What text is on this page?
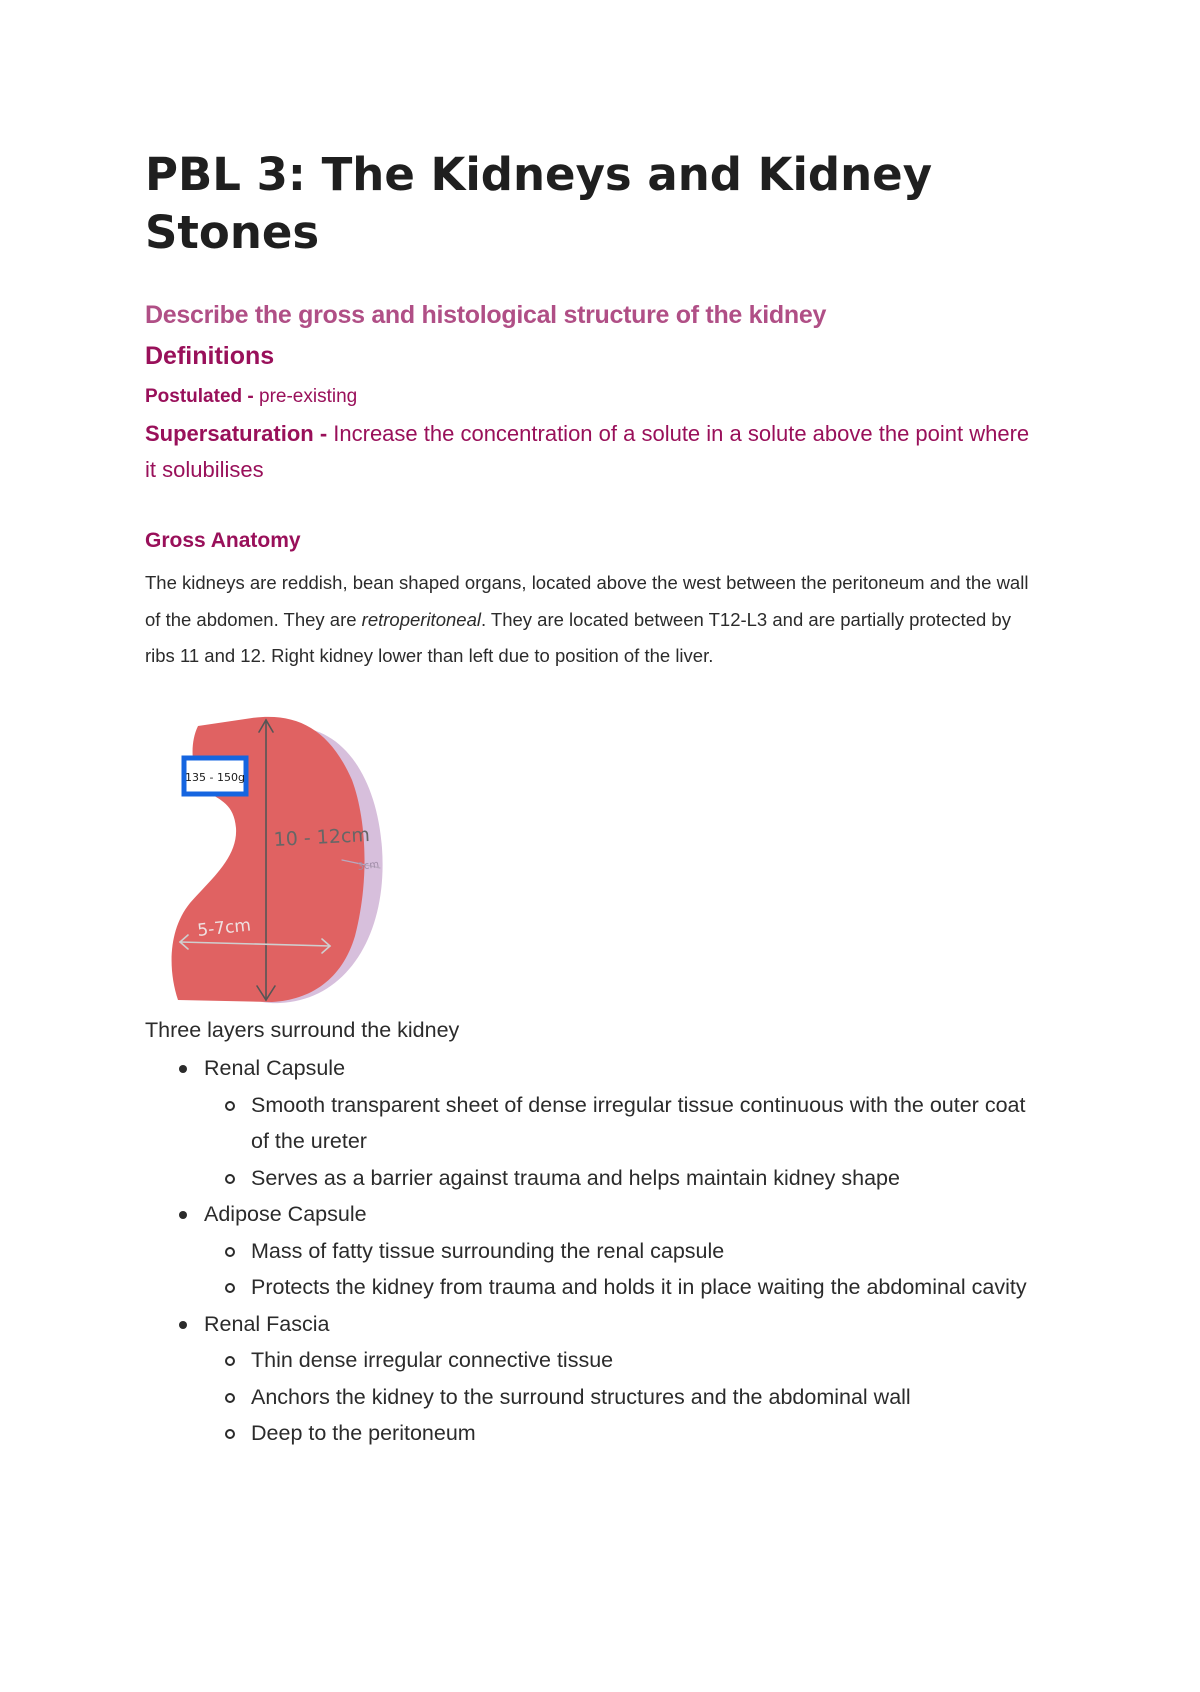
PBL 3: The Kidneys and Kidney Stones
Describe the gross and histological structure of the kidney
Definitions

Postulated - pre-existing

Supersaturation - Increase the concentration of a solute in a solute above the point where it solubilises

Gross Anatomy

The kidneys are reddish, bean shaped organs, located above the west between the peritoneum and the wall of the abdomen. They are retroperitoneal. They are located between T12-L3 and are partially protected by ribs 11 and 12. Right kidney lower than left due to position of the liver.

135 - 150g
10 - 12cm
3cm
5-7cm

Three layers surround the kidney

Renal Capsule
Smooth transparent sheet of dense irregular tissue continuous with the outer coat of the ureter
Serves as a barrier against trauma and helps maintain kidney shape
Adipose Capsule
Mass of fatty tissue surrounding the renal capsule
Protects the kidney from trauma and holds it in place waiting the abdominal cavity
Renal Fascia
Thin dense irregular connective tissue
Anchors the kidney to the surround structures and the abdominal wall
Deep to the peritoneum
